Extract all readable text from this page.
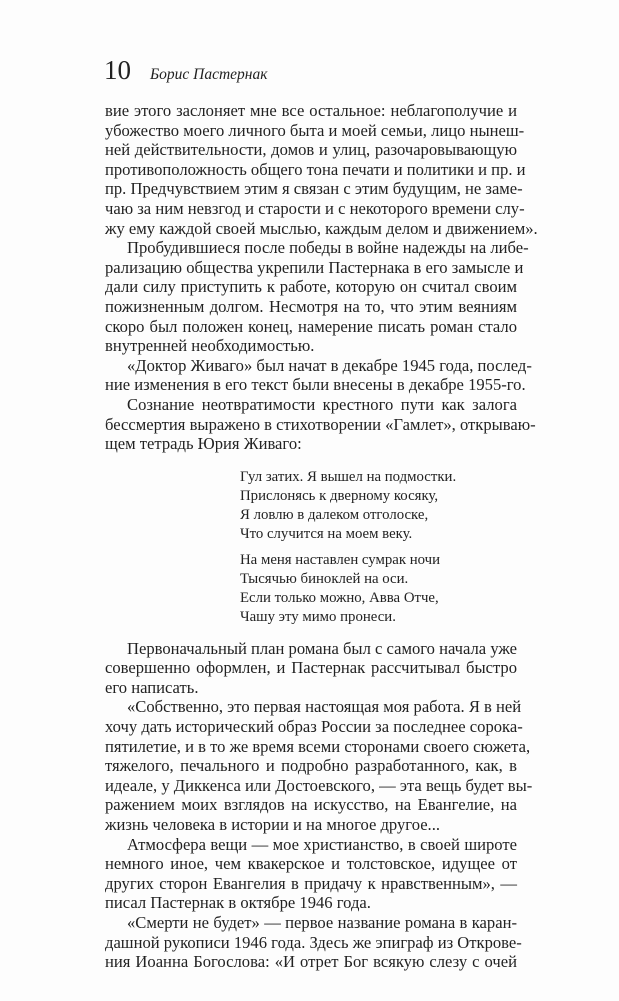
10 Борис Пастернак
вие этого заслоняет мне все остальное: неблагополучие и
убожество моего личного быта и моей семьи, лицо нынеш-
ней действительности, домов и улиц, разочаровывающую
противоположность общего тона печати и политики и пр. и
пр. Предчувствием этим я связан с этим будущим, не заме-
чаю за ним невзгод и старости и с некоторого времени слу-
жу ему каждой своей мыслью, каждым делом и движением».
Пробудившиеся после победы в войне надежды на либе-
рализацию общества укрепили Пастернака в его замысле и
дали силу приступить к работе, которую он считал своим
пожизненным долгом. Несмотря на то, что этим веяниям
скоро был положен конец, намерение писать роман стало
внутренней необходимостью.
«Доктор Живаго» был начат в декабре 1945 года, послед-
ние изменения в его текст были внесены в декабре 1955-го.
Сознание неотвратимости крестного пути как залога
бессмертия выражено в стихотворении «Гамлет», открываю-
щем тетрадь Юрия Живаго:
Гул затих. Я вышел на подмостки.
Прислонясь к дверному косяку,
Я ловлю в далеком отголоске,
Что случится на моем веку.
На меня наставлен сумрак ночи
Тысячью биноклей на оси.
Если только можно, Авва Отче,
Чашу эту мимо пронеси.
Первоначальный план романа был с самого начала уже
совершенно оформлен, и Пастернак рассчитывал быстро
его написать.
«Собственно, это первая настоящая моя работа. Я в ней
хочу дать исторический образ России за последнее сорока-
пятилетие, и в то же время всеми сторонами своего сюжета,
тяжелого, печального и подробно разработанного, как, в
идеале, у Диккенса или Достоевского, — эта вещь будет вы-
ражением моих взглядов на искусство, на Евангелие, на
жизнь человека в истории и на многое другое...
Атмосфера вещи — мое христианство, в своей широте
немного иное, чем квакерское и толстовское, идущее от
других сторон Евангелия в придачу к нравственным», —
писал Пастернак в октябре 1946 года.
«Смерти не будет» — первое название романа в каран-
дашной рукописи 1946 года. Здесь же эпиграф из Открове-
ния Иоанна Богослова: «И отрет Бог всякую слезу с очей
